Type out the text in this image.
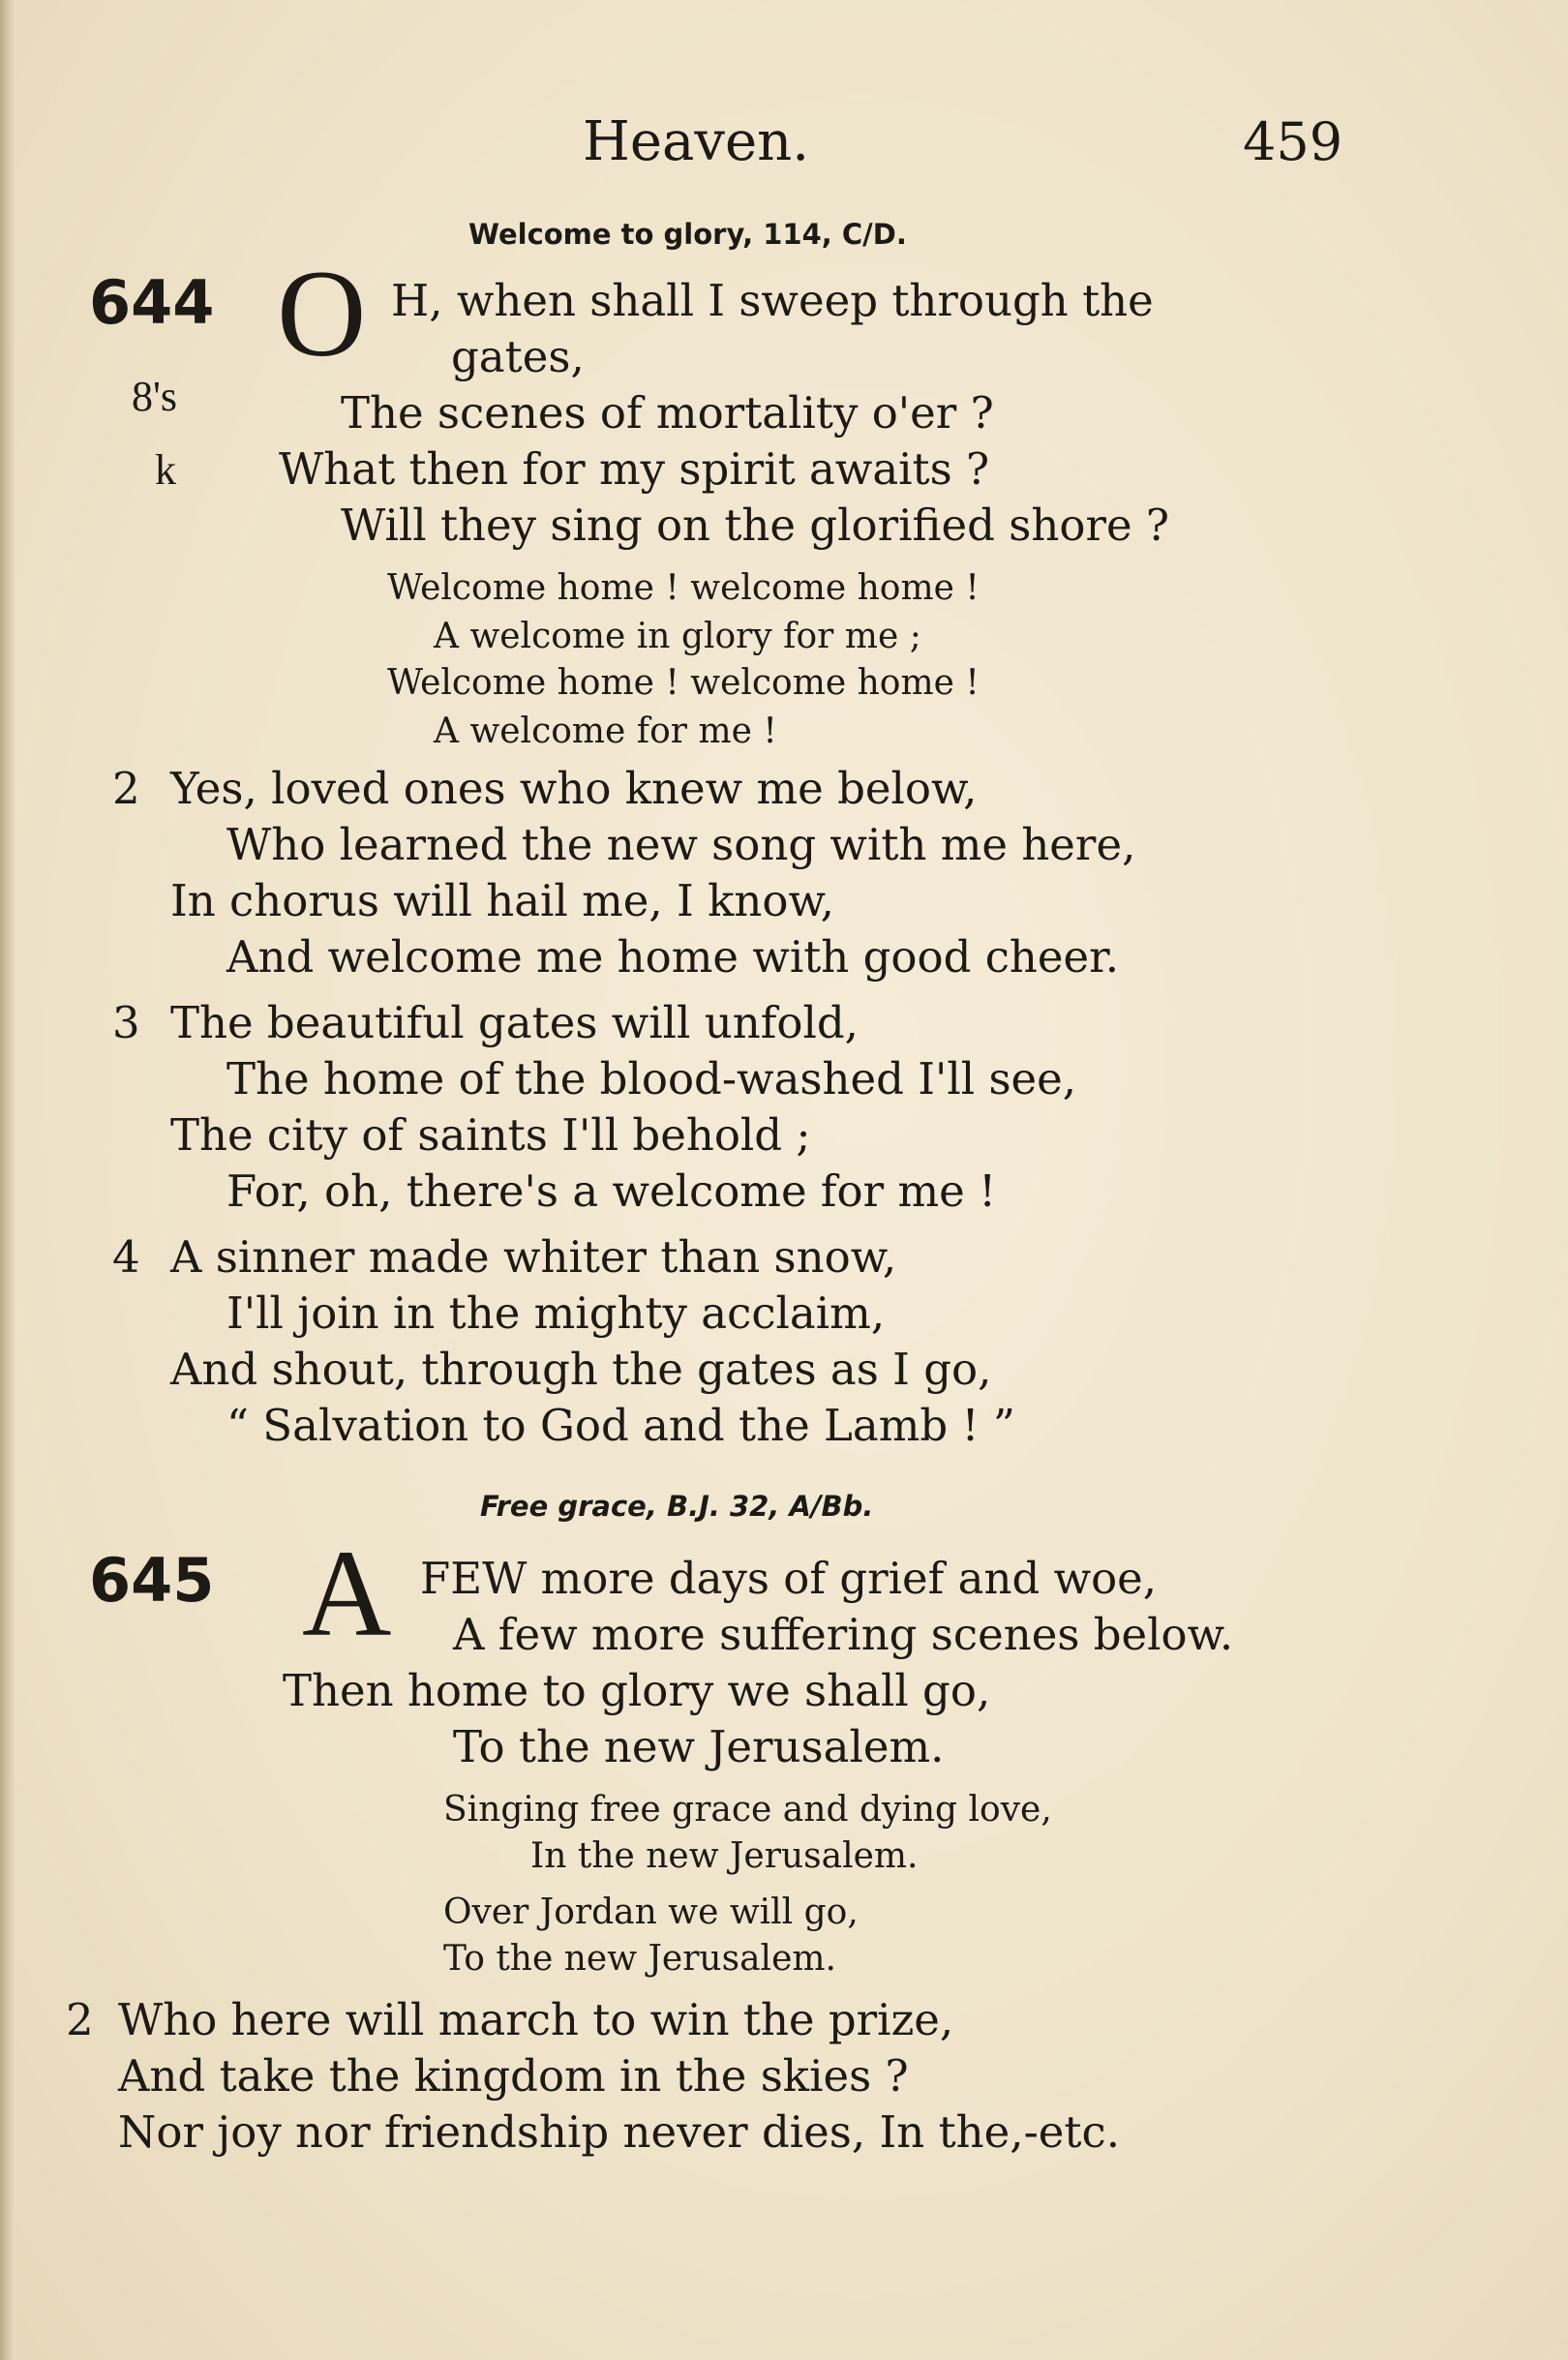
Heaven.	459
Welcome to glory, 114, C/D.
644
8's
k
O H, when shall I sweep through the
gates,
The scenes of mortality o'er ?
What then for my spirit awaits ?
Will they sing on the glorified shore ?
Welcome home ! welcome home !
A welcome in glory for me ;
Welcome home ! welcome home !
A welcome for me !
2 Yes, loved ones who knew me below,
Who learned the new song with me here,
In chorus will hail me, I know,
And welcome me home with good cheer.
3 The beautiful gates will unfold,
The home of the blood-washed I'll see,
The city of saints I'll behold ;
For, oh, there's a welcome for me !
4 A sinner made whiter than snow,
I'll join in the mighty acclaim,
And shout, through the gates as I go,
“ Salvation to God and the Lamb ! ”
Free grace, B.J. 32, A/Bb.
645 A FEW more days of grief and woe,
A few more suffering scenes below.
Then home to glory we shall go,
To the new Jerusalem.
Singing free grace and dying love,
In the new Jerusalem.
Over Jordan we will go,
To the new Jerusalem.
2 Who here will march to win the prize,
And take the kingdom in the skies ?
Nor joy nor friendship never dies, In the,-etc.
